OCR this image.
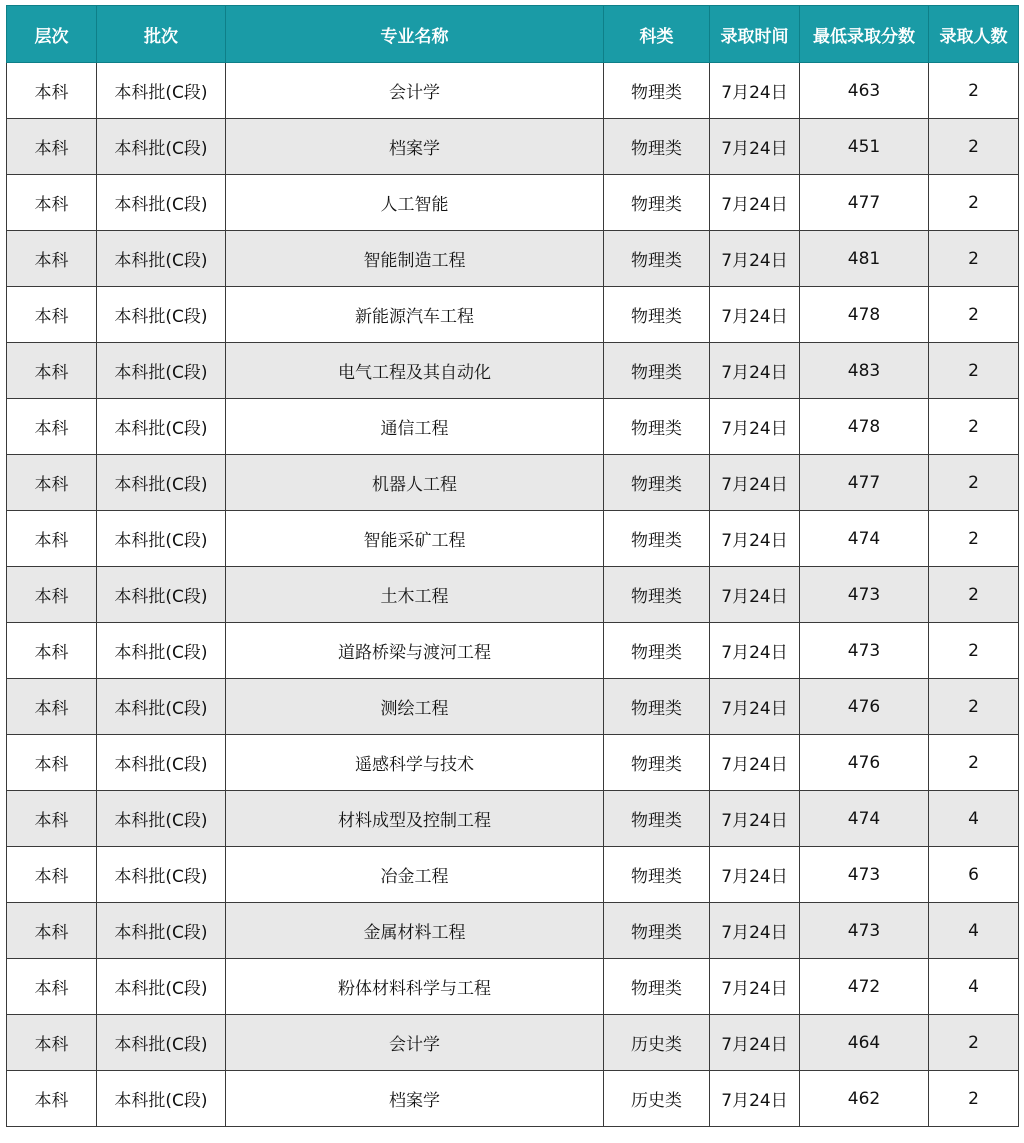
层次	批次	专业名称	科类	录取时间	最低录取分数	录取人数
本科	本科批(C段)	会计学	物理类	7月24日	463	2
本科	本科批(C段)	档案学	物理类	7月24日	451	2
本科	本科批(C段)	人工智能	物理类	7月24日	477	2
本科	本科批(C段)	智能制造工程	物理类	7月24日	481	2
本科	本科批(C段)	新能源汽车工程	物理类	7月24日	478	2
本科	本科批(C段)	电气工程及其自动化	物理类	7月24日	483	2
本科	本科批(C段)	通信工程	物理类	7月24日	478	2
本科	本科批(C段)	机器人工程	物理类	7月24日	477	2
本科	本科批(C段)	智能采矿工程	物理类	7月24日	474	2
本科	本科批(C段)	土木工程	物理类	7月24日	473	2
本科	本科批(C段)	道路桥梁与渡河工程	物理类	7月24日	473	2
本科	本科批(C段)	测绘工程	物理类	7月24日	476	2
本科	本科批(C段)	遥感科学与技术	物理类	7月24日	476	2
本科	本科批(C段)	材料成型及控制工程	物理类	7月24日	474	4
本科	本科批(C段)	冶金工程	物理类	7月24日	473	6
本科	本科批(C段)	金属材料工程	物理类	7月24日	473	4
本科	本科批(C段)	粉体材料科学与工程	物理类	7月24日	472	4
本科	本科批(C段)	会计学	历史类	7月24日	464	2
本科	本科批(C段)	档案学	历史类	7月24日	462	2
